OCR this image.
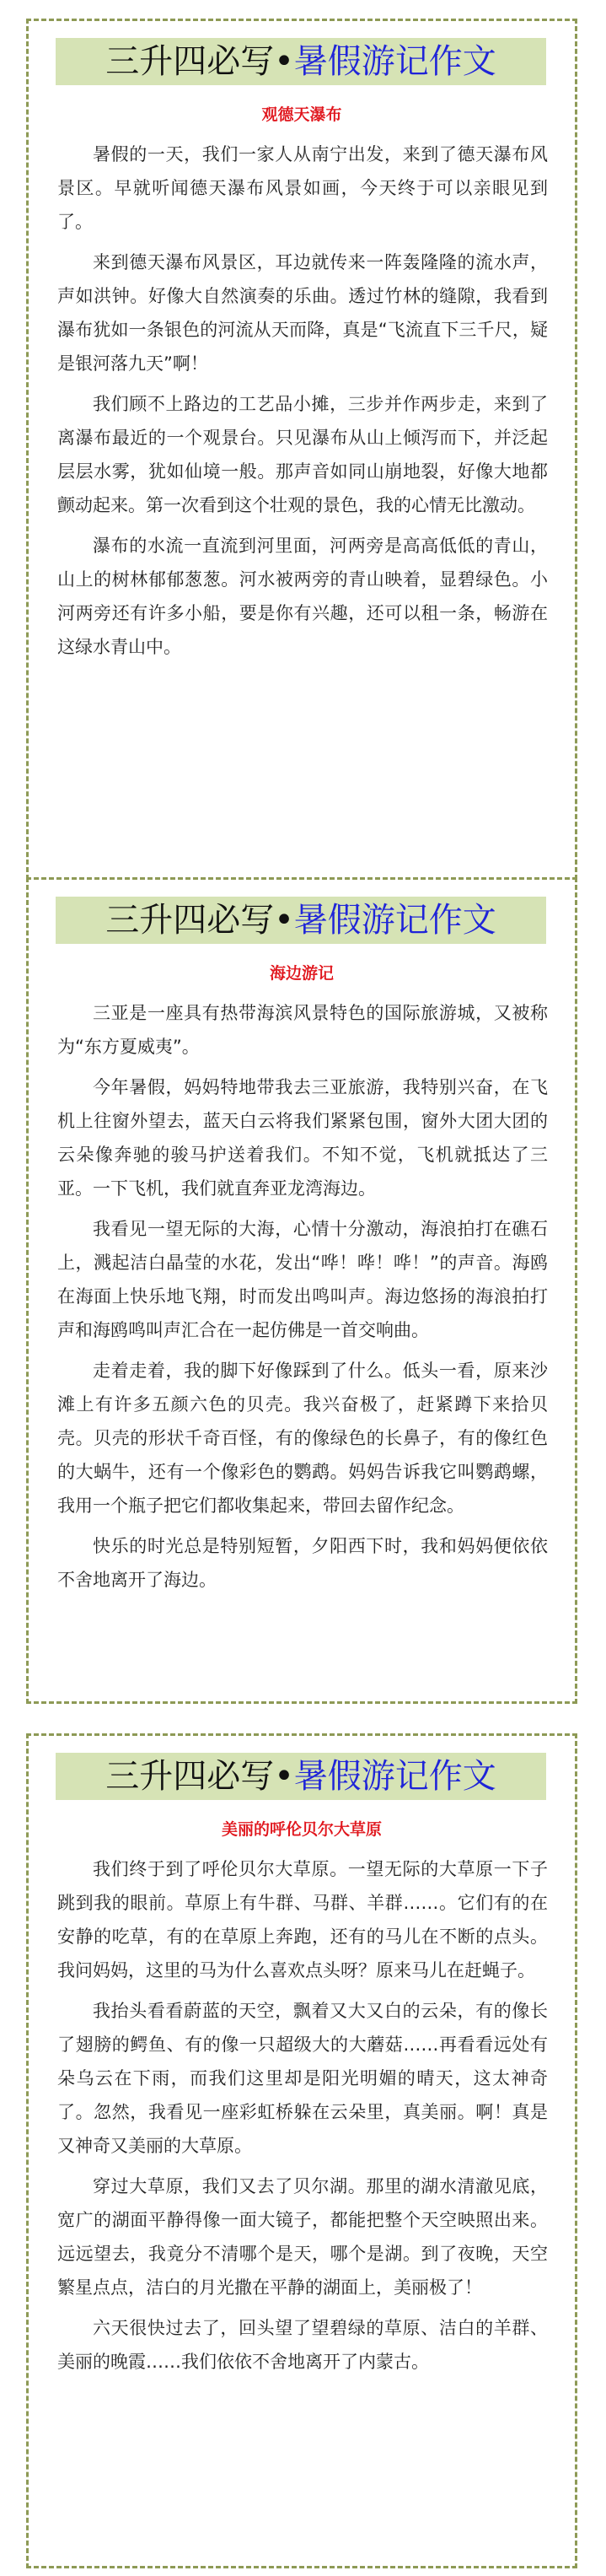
三升四必写 • 暑假游记作文
观德天瀑布

暑假的一天，我们一家人从南宁出发，来到了德天瀑布风景区。早就听闻德天瀑布风景如画，今天终于可以亲眼见到了。

来到德天瀑布风景区，耳边就传来一阵轰隆隆的流水声，声如洪钟。好像大自然演奏的乐曲。透过竹林的缝隙，我看到瀑布犹如一条银色的河流从天而降，真是“飞流直下三千尺，疑是银河落九天”啊！

我们顾不上路边的工艺品小摊，三步并作两步走，来到了离瀑布最近的一个观景台。只见瀑布从山上倾泻而下，并泛起层层水雾，犹如仙境一般。那声音如同山崩地裂，好像大地都颤动起来。第一次看到这个壮观的景色，我的心情无比激动。

瀑布的水流一直流到河里面，河两旁是高高低低的青山，山上的树林郁郁葱葱。河水被两旁的青山映着，显碧绿色。小河两旁还有许多小船，要是你有兴趣，还可以租一条，畅游在这绿水青山中。

三升四必写 • 暑假游记作文
海边游记

三亚是一座具有热带海滨风景特色的国际旅游城，又被称为“东方夏威夷”。

今年暑假，妈妈特地带我去三亚旅游，我特别兴奋，在飞机上往窗外望去，蓝天白云将我们紧紧包围，窗外大团大团的云朵像奔驰的骏马护送着我们。不知不觉，飞机就抵达了三亚。一下飞机，我们就直奔亚龙湾海边。

我看见一望无际的大海，心情十分激动，海浪拍打在礁石上，溅起洁白晶莹的水花，发出“哗！哗！哗！”的声音。海鸥在海面上快乐地飞翔，时而发出鸣叫声。海边悠扬的海浪拍打声和海鸥鸣叫声汇合在一起仿佛是一首交响曲。

走着走着，我的脚下好像踩到了什么。低头一看，原来沙滩上有许多五颜六色的贝壳。我兴奋极了，赶紧蹲下来拾贝壳。贝壳的形状千奇百怪，有的像绿色的长鼻子，有的像红色的大蜗牛，还有一个像彩色的鹦鹉。妈妈告诉我它叫鹦鹉螺，我用一个瓶子把它们都收集起来，带回去留作纪念。

快乐的时光总是特别短暂，夕阳西下时，我和妈妈便依依不舍地离开了海边。

三升四必写 • 暑假游记作文
美丽的呼伦贝尔大草原

我们终于到了呼伦贝尔大草原。一望无际的大草原一下子跳到我的眼前。草原上有牛群、马群、羊群……。它们有的在安静的吃草，有的在草原上奔跑，还有的马儿在不断的点头。我问妈妈，这里的马为什么喜欢点头呀？原来马儿在赶蝇子。

我抬头看看蔚蓝的天空，飘着又大又白的云朵，有的像长了翅膀的鳄鱼、有的像一只超级大的大蘑菇……再看看远处有朵乌云在下雨，而我们这里却是阳光明媚的晴天，这太神奇了。忽然，我看见一座彩虹桥躲在云朵里，真美丽。啊！真是又神奇又美丽的大草原。

穿过大草原，我们又去了贝尔湖。那里的湖水清澈见底，宽广的湖面平静得像一面大镜子，都能把整个天空映照出来。远远望去，我竟分不清哪个是天，哪个是湖。到了夜晚，天空繁星点点，洁白的月光撒在平静的湖面上，美丽极了！

六天很快过去了，回头望了望碧绿的草原、洁白的羊群、美丽的晚霞……我们依依不舍地离开了内蒙古。
